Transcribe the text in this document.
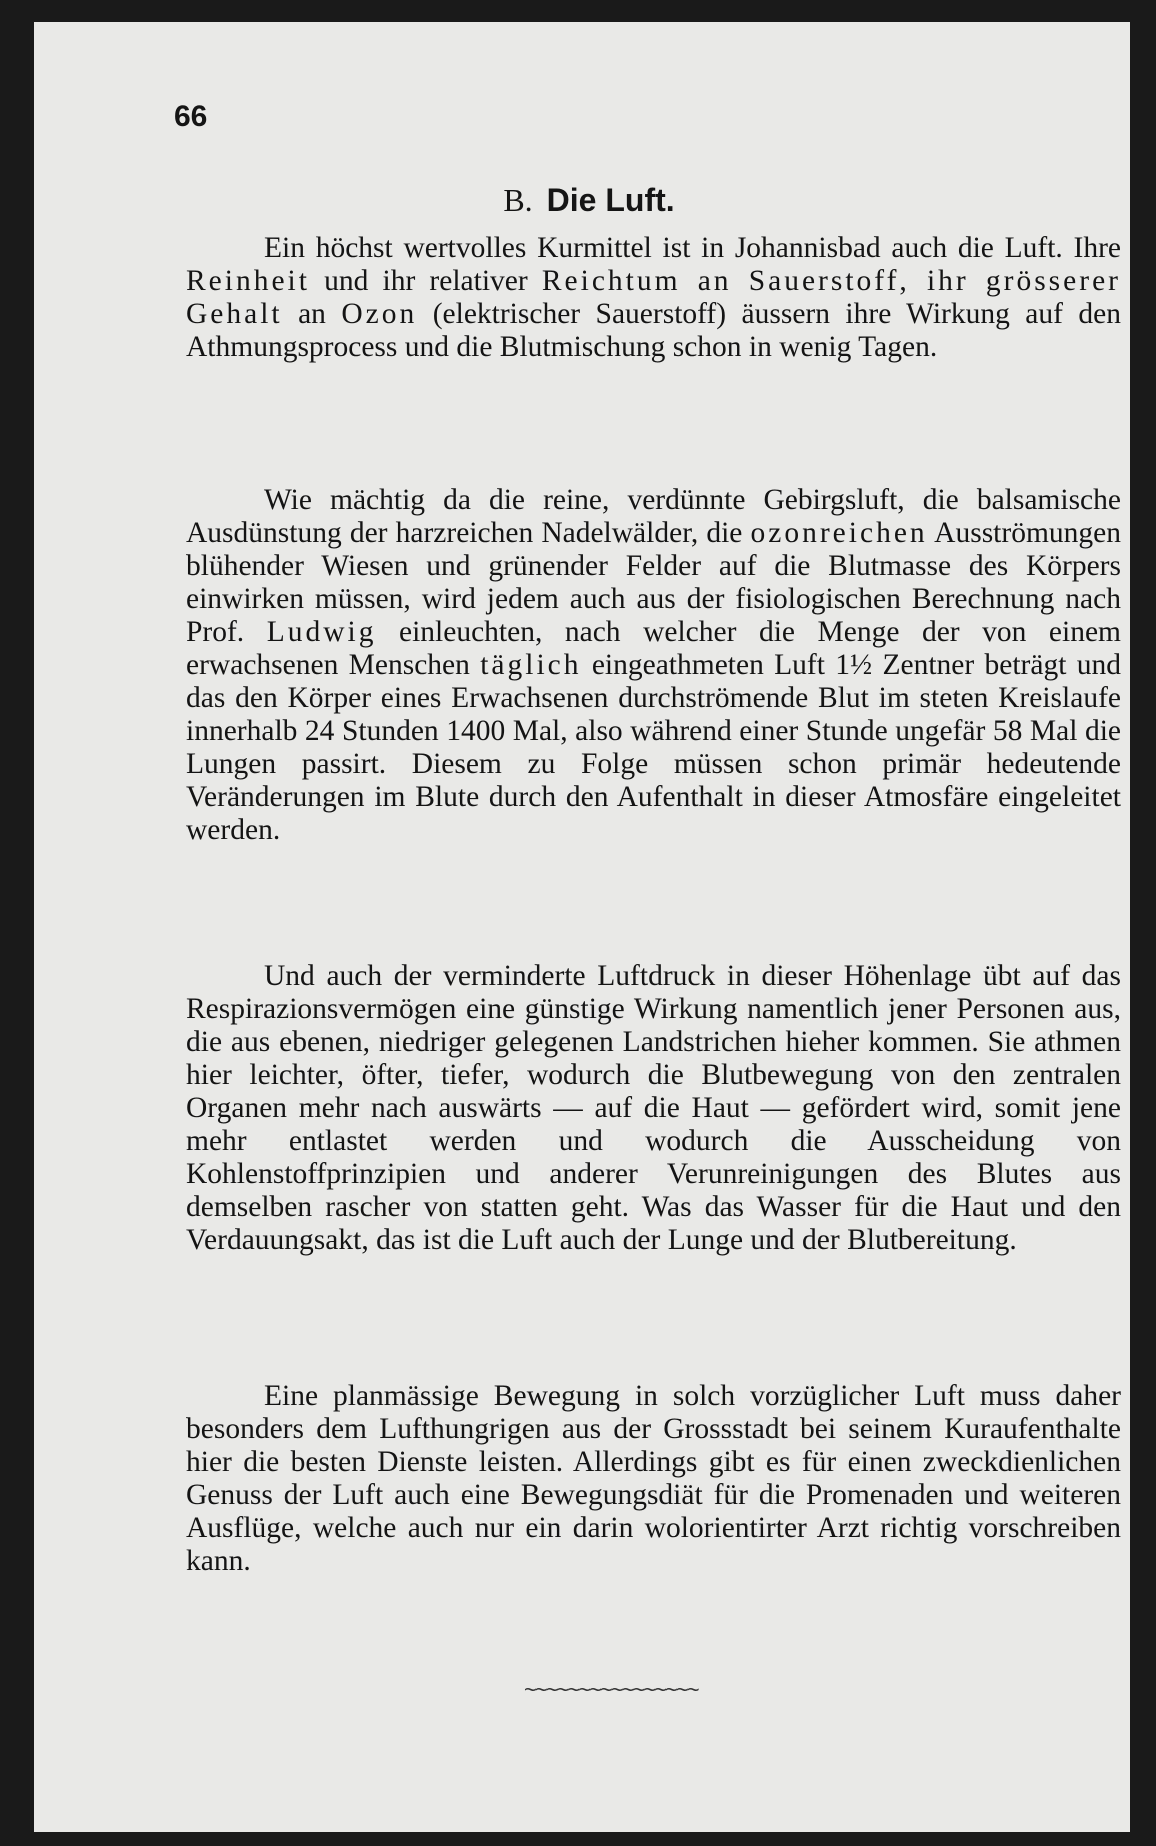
66
B. Die Luft.

Ein höchst wertvolles Kurmittel ist in Johannisbad auch die Luft. Ihre Reinheit und ihr relativer Reichtum an Sauerstoff, ihr grösserer Gehalt an Ozon (elektrischer Sauerstoff) äussern ihre Wirkung auf den Athmungsprocess und die Blutmischung schon in wenig Tagen.

Wie mächtig da die reine, verdünnte Gebirgsluft, die balsamische Ausdünstung der harzreichen Nadelwälder, die ozonreichen Ausströmungen blühender Wiesen und grünender Felder auf die Blutmasse des Körpers einwirken müssen, wird jedem auch aus der fisiologischen Berechnung nach Prof. Ludwig einleuchten, nach welcher die Menge der von einem erwachsenen Menschen täglich eingeathmeten Luft 1½ Zentner beträgt und das den Körper eines Erwachsenen durchströmende Blut im steten Kreislaufe innerhalb 24 Stunden 1400 Mal, also während einer Stunde ungefär 58 Mal die Lungen passirt. Diesem zu Folge müssen schon primär hedeutende Veränderungen im Blute durch den Aufenthalt in dieser Atmosfäre eingeleitet werden.

Und auch der verminderte Luftdruck in dieser Höhenlage übt auf das Respirazionsvermögen eine günstige Wirkung namentlich jener Personen aus, die aus ebenen, niedriger gelegenen Landstrichen hieher kommen. Sie athmen hier leichter, öfter, tiefer, wodurch die Blutbewegung von den zentralen Organen mehr nach auswärts — auf die Haut — gefördert wird, somit jene mehr entlastet werden und wodurch die Ausscheidung von Kohlenstoffprinzipien und anderer Verunreinigungen des Blutes aus demselben rascher von statten geht. Was das Wasser für die Haut und den Verdauungsakt, das ist die Luft auch der Lunge und der Blutbereitung.

Eine planmässige Bewegung in solch vorzüglicher Luft muss daher besonders dem Lufthungrigen aus der Grossstadt bei seinem Kuraufenthalte hier die besten Dienste leisten. Allerdings gibt es für einen zweckdienlichen Genuss der Luft auch eine Bewegungsdiät für die Promenaden und weiteren Ausflüge, welche auch nur ein darin wolorientirter Arzt richtig vorschreiben kann.

~~~~~~~~~~~~~~~~
